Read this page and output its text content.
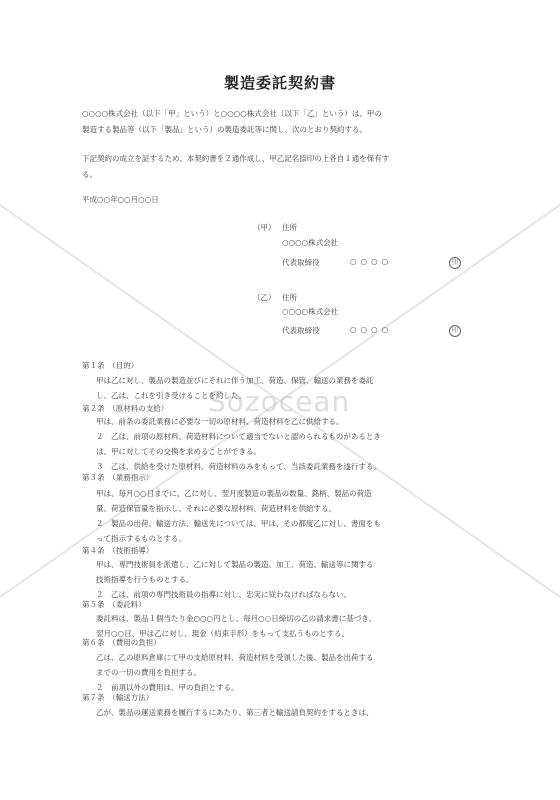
Sozocean
製造委託契約書
○○○○株式会社（以下「甲」という）と○○○○株式会社（以下「乙」という）は、甲の
製造する製品等（以下「製品」という）の製造委託等に関し、次のとおり契約する。
下記契約の成立を証するため、本契約書を２通作成し、甲乙記名捺印の上各自１通を保有す
る。
平成○○年○○月○○日
（甲） 住所
○○○○株式会社
代表取締役	○○○○	印
（乙） 住所
○○○○株式会社
代表取締役	○○○○	印
第１条　 （目的）
甲は乙に対し、製品の製造並びにそれに伴う加工、荷造、保管、輸送の業務を委託
し、乙は、これを引き受けることを約した。
第２条　 （原材料の支給）
甲は、前条の委託業務に必要な一切の原材料、荷造材料を乙に供給する。
２　乙は、前項の原材料、荷造材料について適当でないと認められるものがあるとき
は、甲に対してその交換を求めることができる。
３　乙は、供給を受けた原材料、荷造材料のみをもって、当該委託業務を遂行する。
第３条　 （業務指示）
甲は、毎月○○日までに、乙に対し、翌月度製造の製品の数量、銘柄、製品の荷造
量、荷造保管量を指示し、それに必要な原材料、荷造材料を供給する。
２　製品の出荷、輸送方法、輸送先については、甲は、その都度乙に対し、書面をも
って指示するものとする。
第４条　 （技術指導）
甲は、専門技術員を派遣し、乙に対して製品の製造、加工、荷造、輸送等に関する
技術指導を行うものとする。
２　乙は、前項の専門技術員の指導に対し、忠実に従わなければならない。
第５条　 （委託料）
委託料は、製品１個当たり金○○○円とし、毎月○○日締切の乙の請求書に基づき、
翌月○○日、甲は乙に対し、現金（約束手形）をもって支払うものとする。
第６条　 （費用の負担）
乙は、乙の原料倉庫にて甲の支給原材料、荷造材料を受領した後、製品を出荷する
までの一切の費用を負担する。
２　前項以外の費用は、甲の負担とする。
第７条　 （輸送方法）
乙が、製品の運送業務を履行するにあたり、第三者と輸送請負契約をするときは、
